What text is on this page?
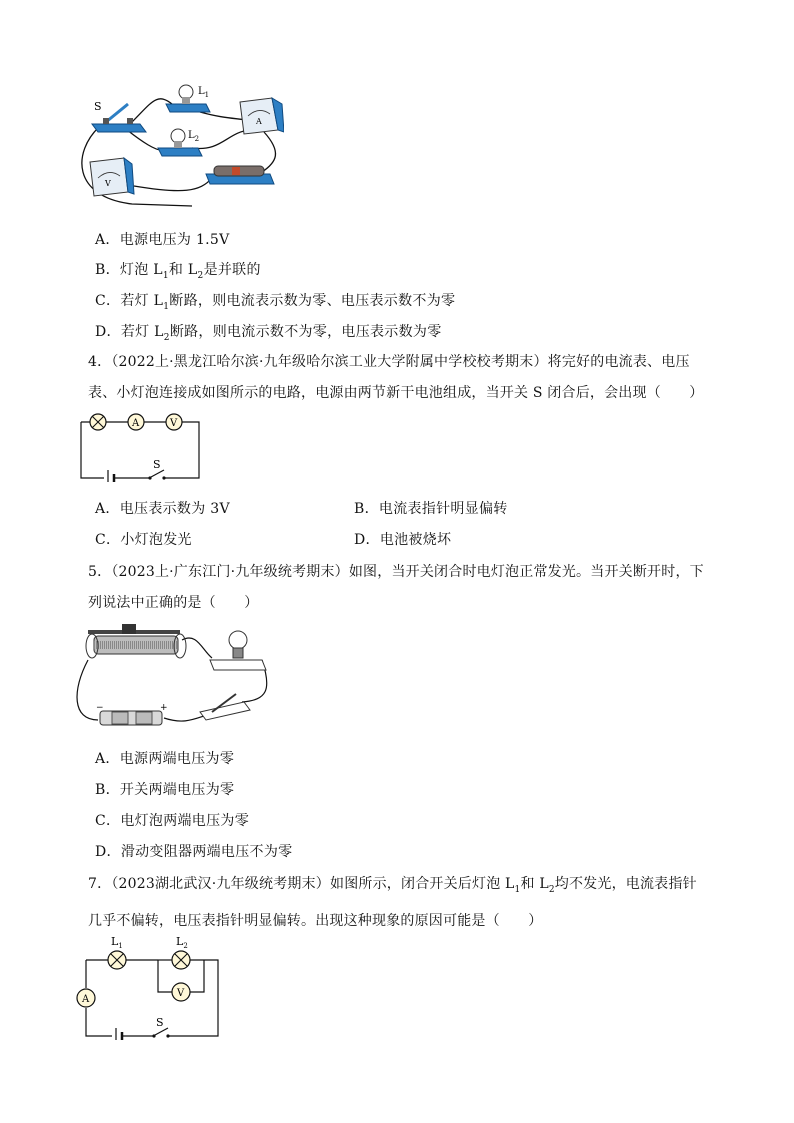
S
$L_1$
$L_2$
A
V
A．电源电压为 1.5V
B．灯泡 $L_1$和 $L_2$是并联的
C．若灯 $L_1$断路，则电流表示数为零、电压表示数不为零
D．若灯 $L_2$断路，则电流示数不为零，电压表示数为零
4．（2022上·黑龙江哈尔滨·九年级哈尔滨工业大学附属中学校校考期末）将完好的电流表、电压表、小灯泡连接成如图所示的电路，电源由两节新干电池组成，当开关 S 闭合后，会出现（　　）
S
A	V
A．电压表示数为 3V	B．电流表指针明显偏转
C．小灯泡发光	D．电池被烧坏
5．（2023上·广东江门·九年级统考期末）如图，当开关闭合时电灯泡正常发光。当开关断开时，下列说法中正确的是（　　）
−	+
A．电源两端电压为零
B．开关两端电压为零
C．电灯泡两端电压为零
D．滑动变阻器两端电压不为零
7．（2023湖北武汉·九年级统考期末）如图所示，闭合开关后灯泡 $L_1$和 $L_2$均不发光，电流表指针几乎不偏转，电压表指针明显偏转。出现这种现象的原因可能是（　　）
$L_1$	$L_2$
V
A
S
